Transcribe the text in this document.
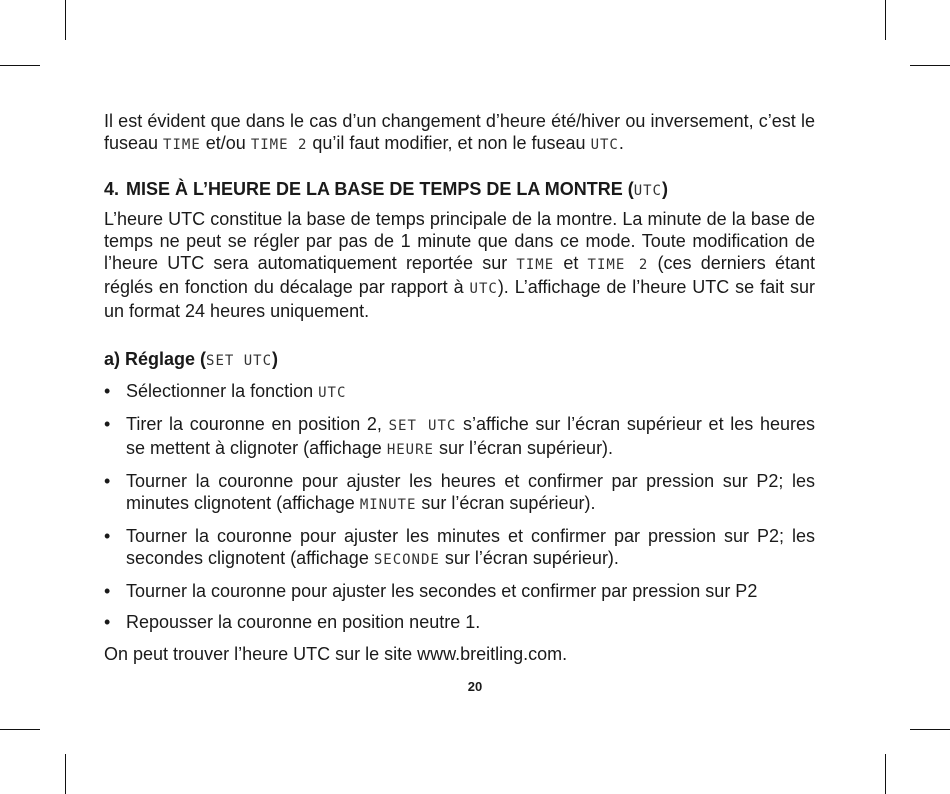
Il est évident que dans le cas d’un changement d’heure été/hiver ou inversement, c’est le fuseau TIME et/ou TIME 2 qu’il faut modifier, et non le fuseau UTC.

4. MISE À L’HEURE DE LA BASE DE TEMPS DE LA MONTRE (UTC)

L’heure UTC constitue la base de temps principale de la montre. La minute de la base de temps ne peut se régler par pas de 1 minute que dans ce mode. Toute modification de l’heure UTC sera automatiquement reportée sur TIME et TIME 2 (ces derniers étant réglés en fonction du décalage par rapport à UTC). L’affichage de l’heure UTC se fait sur un format 24 heures uniquement.

a) Réglage (SET UTC)
• Sélectionner la fonction UTC
• Tirer la couronne en position 2, SET UTC s’affiche sur l’écran supérieur et les heures se mettent à clignoter (affichage HEURE sur l’écran supérieur).
• Tourner la couronne pour ajuster les heures et confirmer par pression sur P2; les minutes clignotent (affichage MINUTE sur l’écran supérieur).
• Tourner la couronne pour ajuster les minutes et confirmer par pression sur P2; les secondes clignotent (affichage SECONDE sur l’écran supérieur).
• Tourner la couronne pour ajuster les secondes et confirmer par pression sur P2
• Repousser la couronne en position neutre 1.

On peut trouver l’heure UTC sur le site www.breitling.com.

20
